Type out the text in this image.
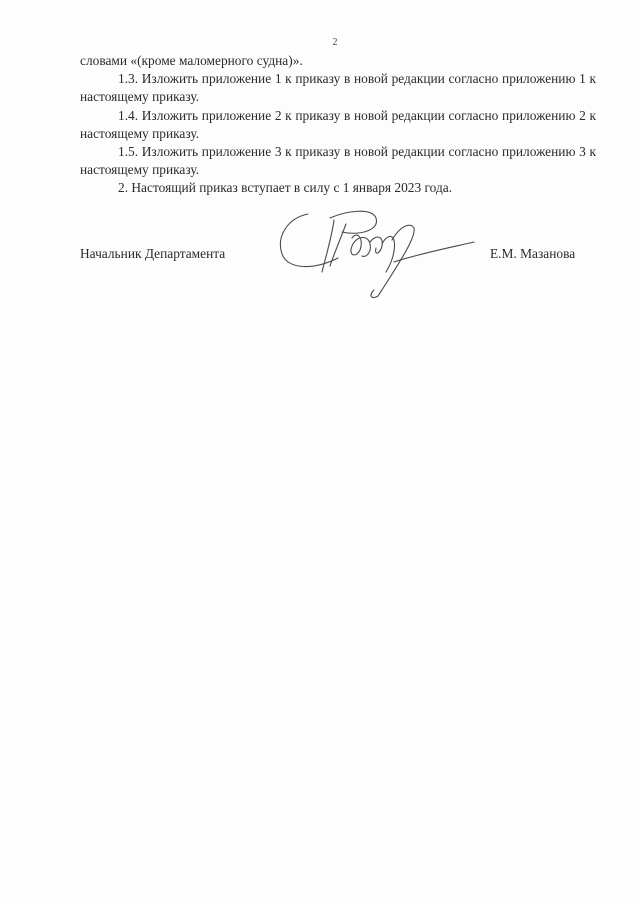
2

словами «(кроме маломерного судна)».

1.3. Изложить приложение 1 к приказу в новой редакции согласно приложению 1 к настоящему приказу.

1.4. Изложить приложение 2 к приказу в новой редакции согласно приложению 2 к настоящему приказу.

1.5. Изложить приложение 3 к приказу в новой редакции согласно приложению 3 к настоящему приказу.

2. Настоящий приказ вступает в силу с 1 января 2023 года.

Начальник Департамента	Е.М. Мазанова
